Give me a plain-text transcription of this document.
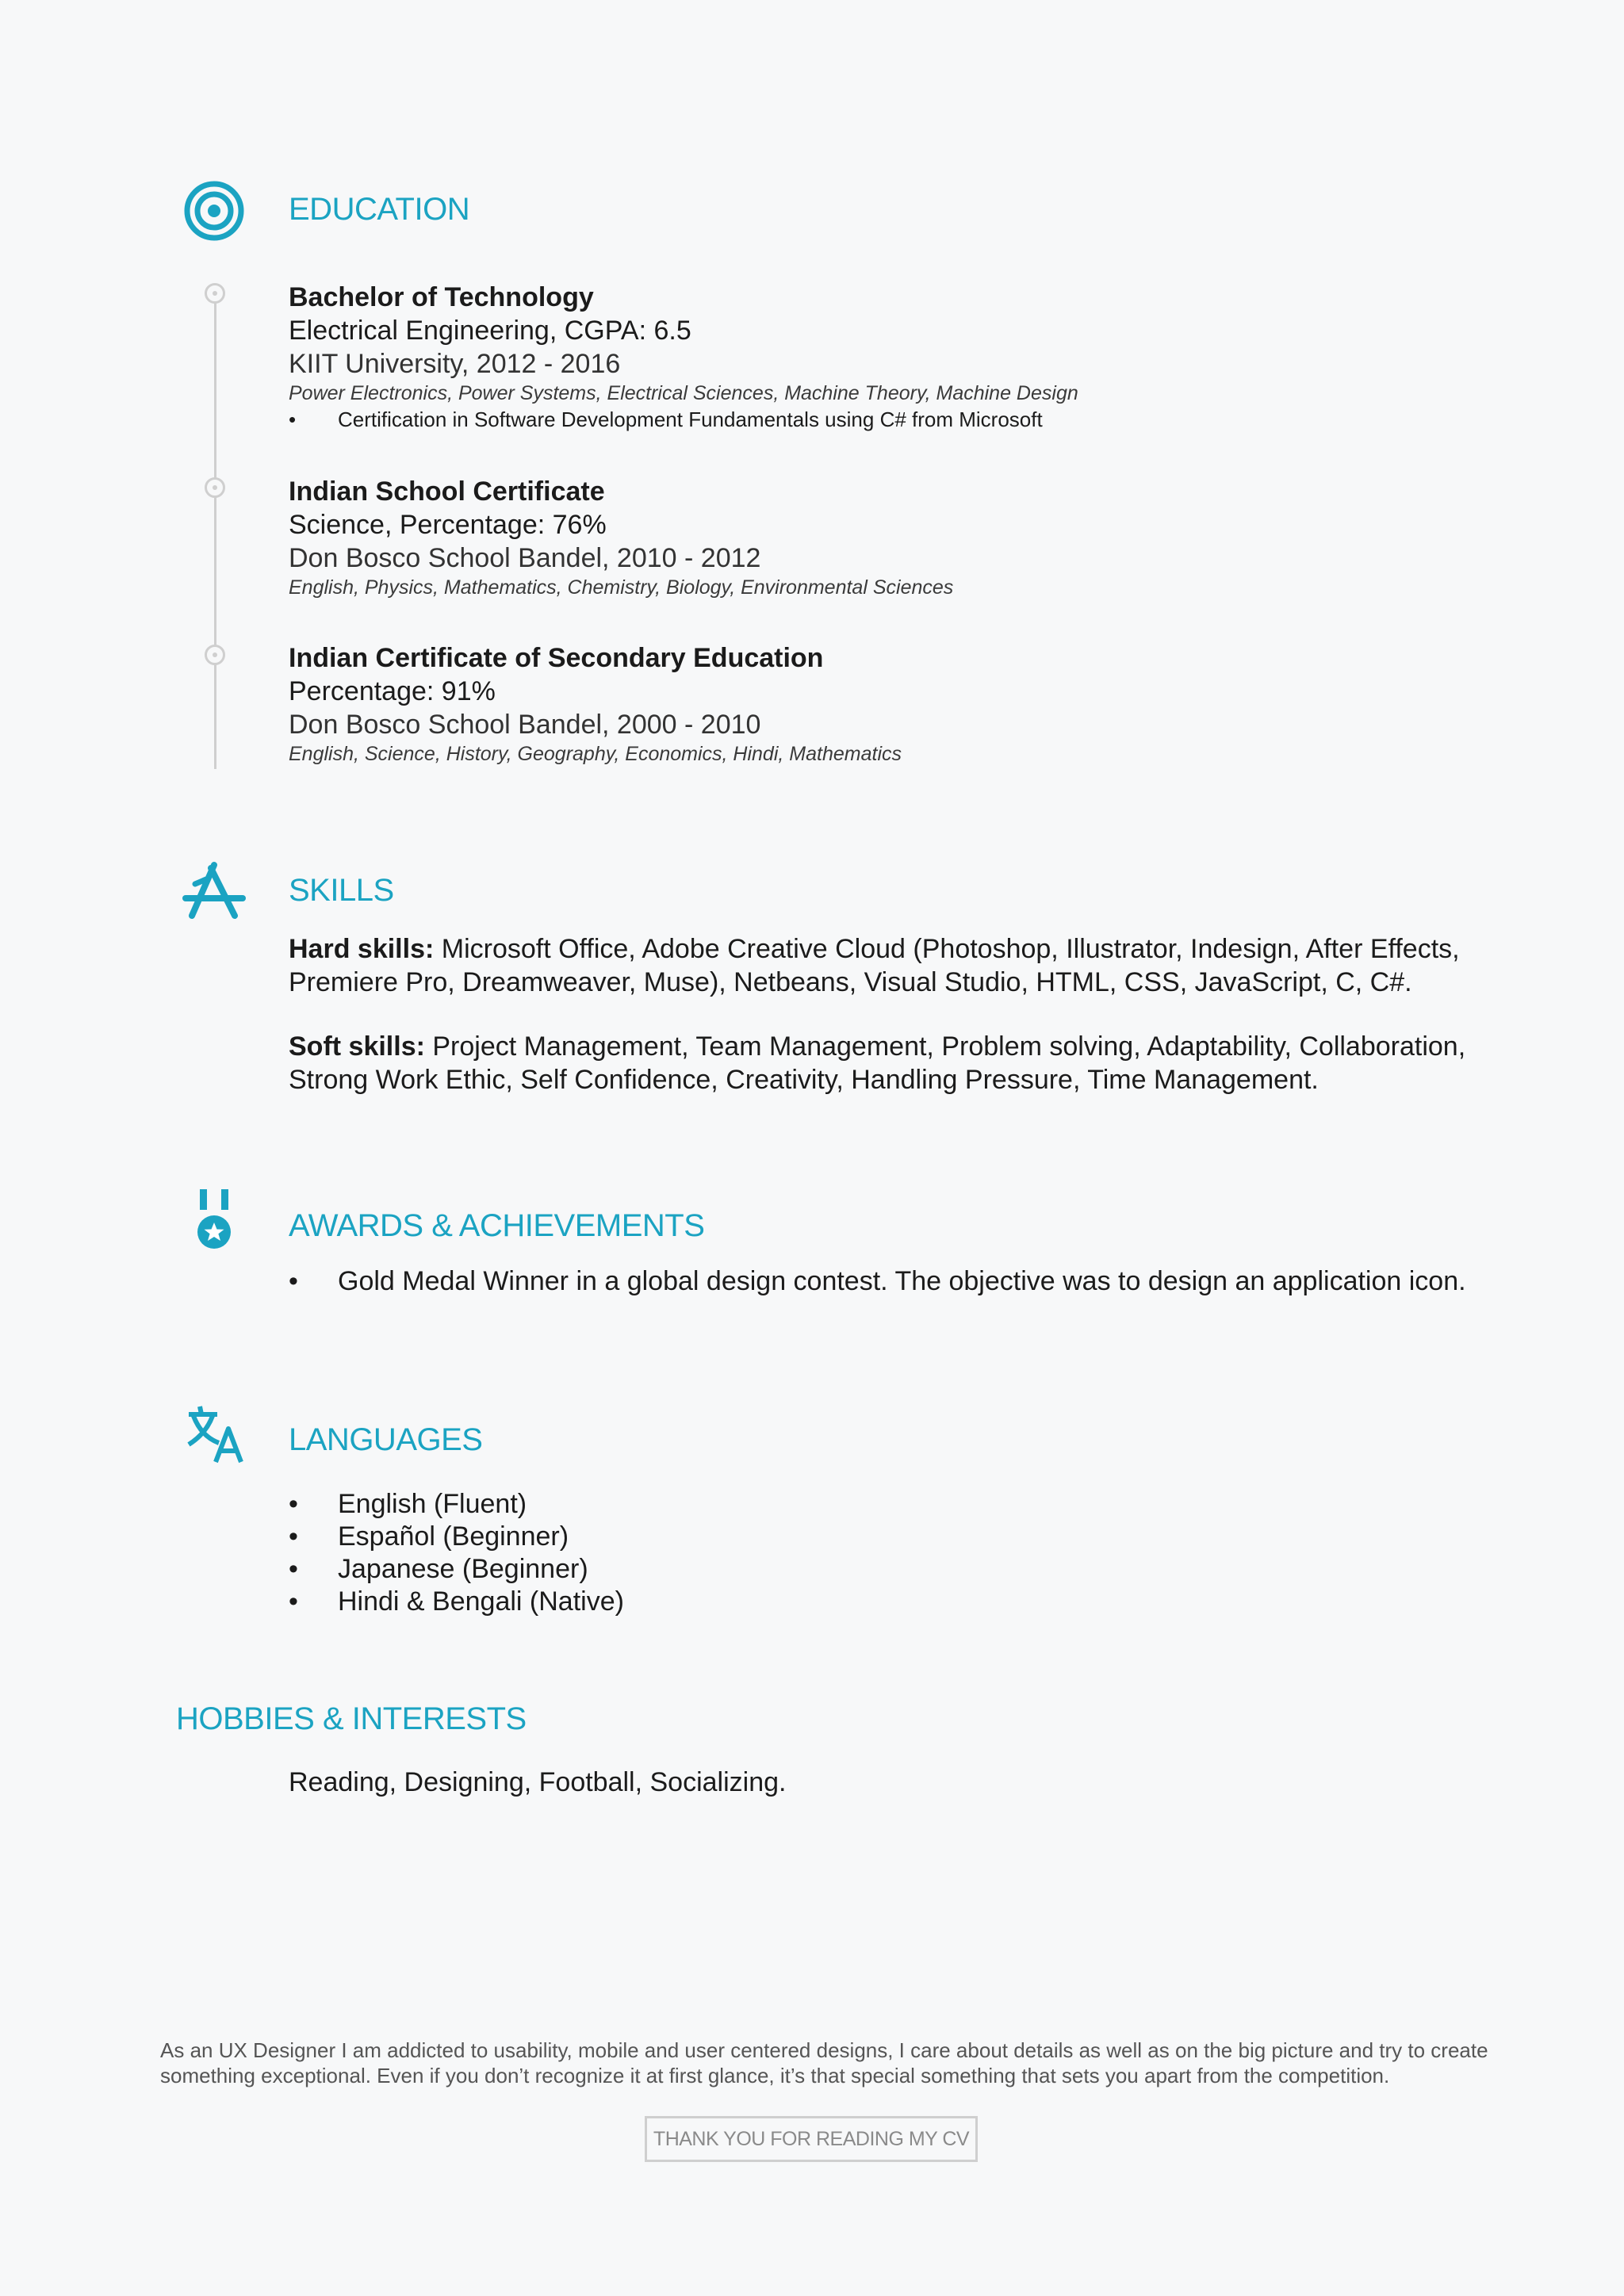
EDUCATION
Bachelor of Technology
Electrical Engineering, CGPA: 6.5
KIIT University, 2012 - 2016
Power Electronics, Power Systems, Electrical Sciences, Machine Theory, Machine Design
• Certification in Software Development Fundamentals using C# from Microsoft
Indian School Certificate
Science, Percentage: 76%
Don Bosco School Bandel, 2010 - 2012
English, Physics, Mathematics, Chemistry, Biology, Environmental Sciences
Indian Certificate of Secondary Education
Percentage: 91%
Don Bosco School Bandel, 2000 - 2010
English, Science, History, Geography, Economics, Hindi, Mathematics
SKILLS
Hard skills: Microsoft Office, Adobe Creative Cloud (Photoshop, Illustrator, Indesign, After Effects, Premiere Pro, Dreamweaver, Muse), Netbeans, Visual Studio, HTML, CSS, JavaScript, C, C#.
Soft skills: Project Management, Team Management, Problem solving, Adaptability, Collaboration, Strong Work Ethic, Self Confidence, Creativity, Handling Pressure, Time Management.
AWARDS & ACHIEVEMENTS
• Gold Medal Winner in a global design contest. The objective was to design an application icon.
LANGUAGES
• English (Fluent)
• Español (Beginner)
• Japanese (Beginner)
• Hindi & Bengali (Native)
HOBBIES & INTERESTS
Reading, Designing, Football, Socializing.
As an UX Designer I am addicted to usability, mobile and user centered designs, I care about details as well as on the big picture and try to create something exceptional. Even if you don’t recognize it at first glance, it’s that special something that sets you apart from the competition.
THANK YOU FOR READING MY CV
